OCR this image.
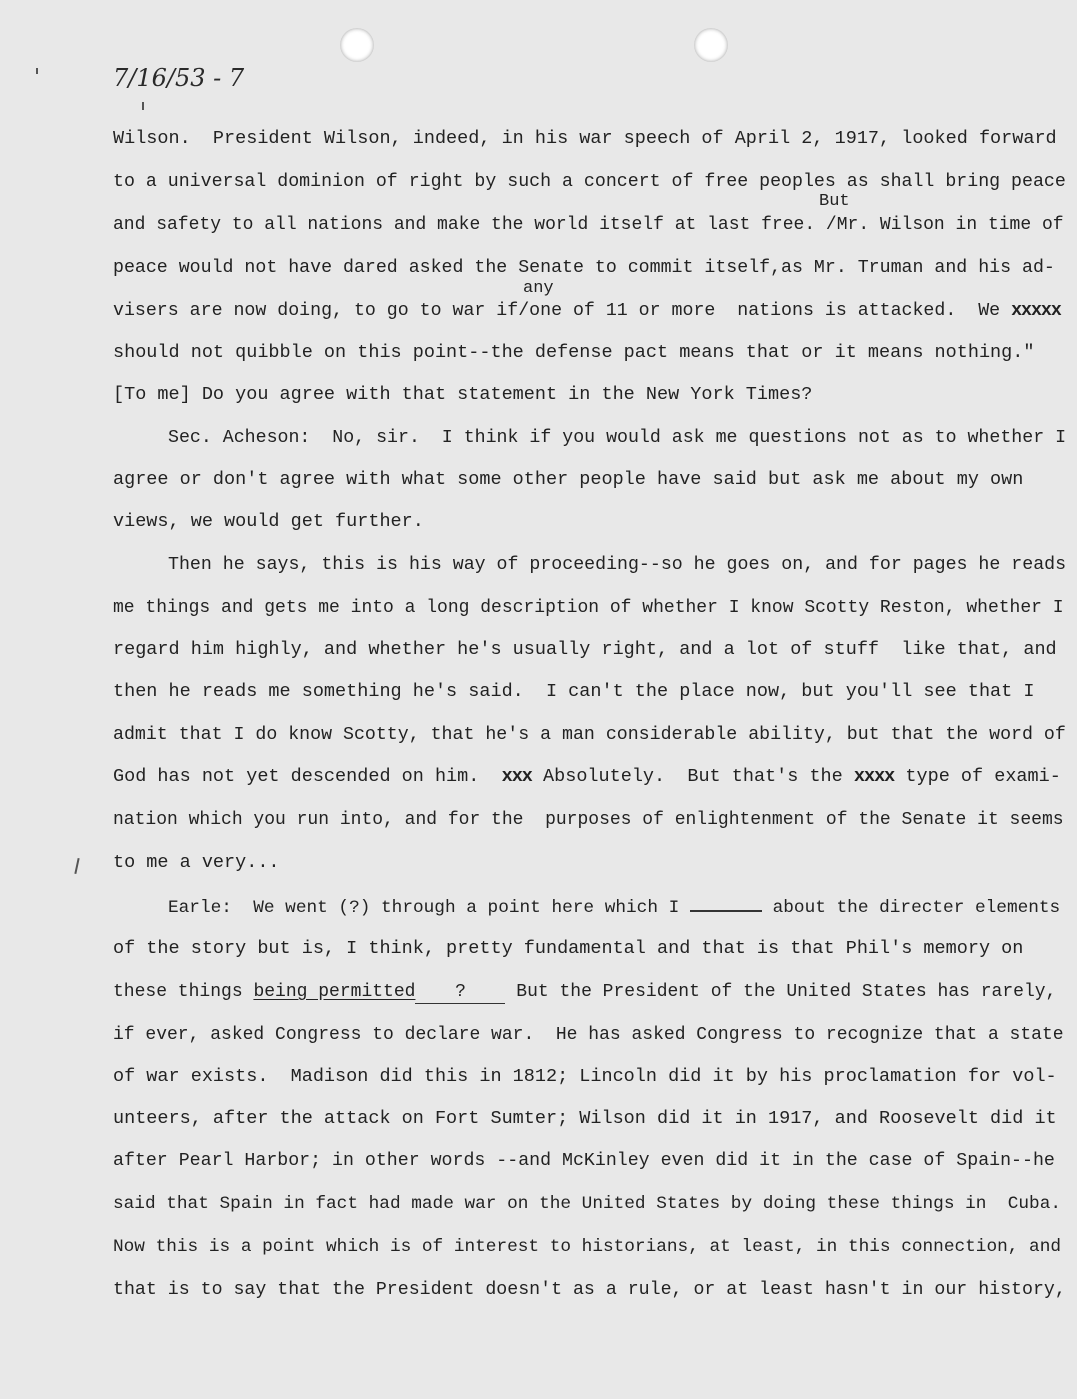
7/16/53 - 7
Wilson.  President Wilson, indeed, in his war speech of April 2, 1917, looked forward
to a universal dominion of right by such a concert of free peoples as shall bring peace
But
and safety to all nations and make the world itself at last free. /Mr. Wilson in time of
peace would not have dared asked the Senate to commit itself,as Mr. Truman and his ad-
any
visers are now doing, to go to war if/one of 11 or more  nations is attacked.  We xxxxx
should not quibble on this point--the defense pact means that or it means nothing."
[To me] Do you agree with that statement in the New York Times?
Sec. Acheson:  No, sir.  I think if you would ask me questions not as to whether I
agree or don't agree with what some other people have said but ask me about my own
views, we would get further.
Then he says, this is his way of proceeding--so he goes on, and for pages he reads
me things and gets me into a long description of whether I know Scotty Reston, whether I
regard him highly, and whether he's usually right, and a lot of stuff  like that, and
then he reads me something he's said.  I can't the place now, but you'll see that I
admit that I do know Scotty, that he's a man considerable ability, but that the word of
God has not yet descended on him. xxx Absolutely.  But that's the xxxx type of exami-
nation which you run into, and for the  purposes of enlightenment of the Senate it seems
to me a very...
Earle:  We went (?) through a point here which I	about the directer elements
of the story but is, I think, pretty fundamental and that is that Phil's memory on
these things being permitted ? But the President of the United States has rarely,
if ever, asked Congress to declare war.  He has asked Congress to recognize that a state
of war exists.  Madison did this in 1812; Lincoln did it by his proclamation for vol-
unteers, after the attack on Fort Sumter; Wilson did it in 1917, and Roosevelt did it
after Pearl Harbor; in other words --and McKinley even did it in the case of Spain--he
said that Spain in fact had made war on the United States by doing these things in  Cuba.
Now this is a point which is of interest to historians, at least, in this connection, and
that is to say that the President doesn't as a rule, or at least hasn't in our history,
